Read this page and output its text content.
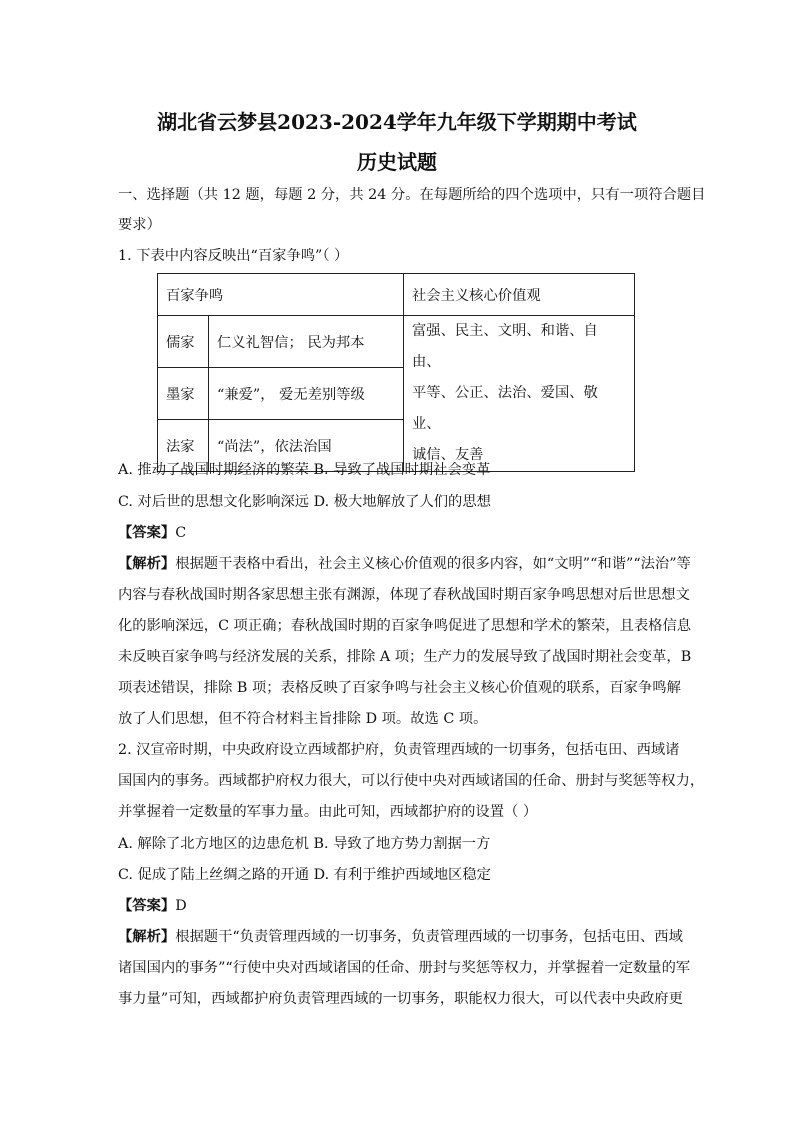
湖北省云梦县2023-2024学年九年级下学期期中考试
历史试题
一、选择题（共 12 题，每题 2 分，共 24 分。在每题所给的四个选项中，只有一项符合题目
要求）
1. 下表中内容反映出“百家争鸣”（ ）
百家争鸣		社会主义核心价值观
儒家	仁义礼智信； 民为邦本	富强、民主、文明、和谐、自由、
平等、公正、法治、爱国、敬业、
诚信、友善

墨家	“兼爱”， 爱无差别等级	
法家	“尚法”，依法治国	
A. 推动了战国时期经济的繁荣 B. 导致了战国时期社会变革
C. 对后世的思想文化影响深远 D. 极大地解放了人们的思想
【答案】C
【解析】根据题干表格中看出，社会主义核心价值观的很多内容，如“文明”“和谐”“法治”等
内容与春秋战国时期各家思想主张有渊源，体现了春秋战国时期百家争鸣思想对后世思想文
化的影响深远，C 项正确；春秋战国时期的百家争鸣促进了思想和学术的繁荣，且表格信息
未反映百家争鸣与经济发展的关系，排除 A 项；生产力的发展导致了战国时期社会变革，B
项表述错误，排除 B 项；表格反映了百家争鸣与社会主义核心价值观的联系，百家争鸣解
放了人们思想，但不符合材料主旨排除 D 项。故选 C 项。
2. 汉宣帝时期，中央政府设立西域都护府，负责管理西域的一切事务，包括屯田、西域诸
国国内的事务。西域都护府权力很大，可以行使中央对西域诸国的任命、册封与奖惩等权力，
并掌握着一定数量的军事力量。由此可知，西域都护府的设置（ ）
A. 解除了北方地区的边患危机 B. 导致了地方势力割据一方
C. 促成了陆上丝绸之路的开通 D. 有利于维护西域地区稳定
【答案】D
【解析】根据题干“负责管理西域的一切事务，负责管理西域的一切事务，包括屯田、西域
诸国国内的事务”“行使中央对西域诸国的任命、册封与奖惩等权力，并掌握着一定数量的军
事力量”可知，西域都护府负责管理西域的一切事务，职能权力很大，可以代表中央政府更
